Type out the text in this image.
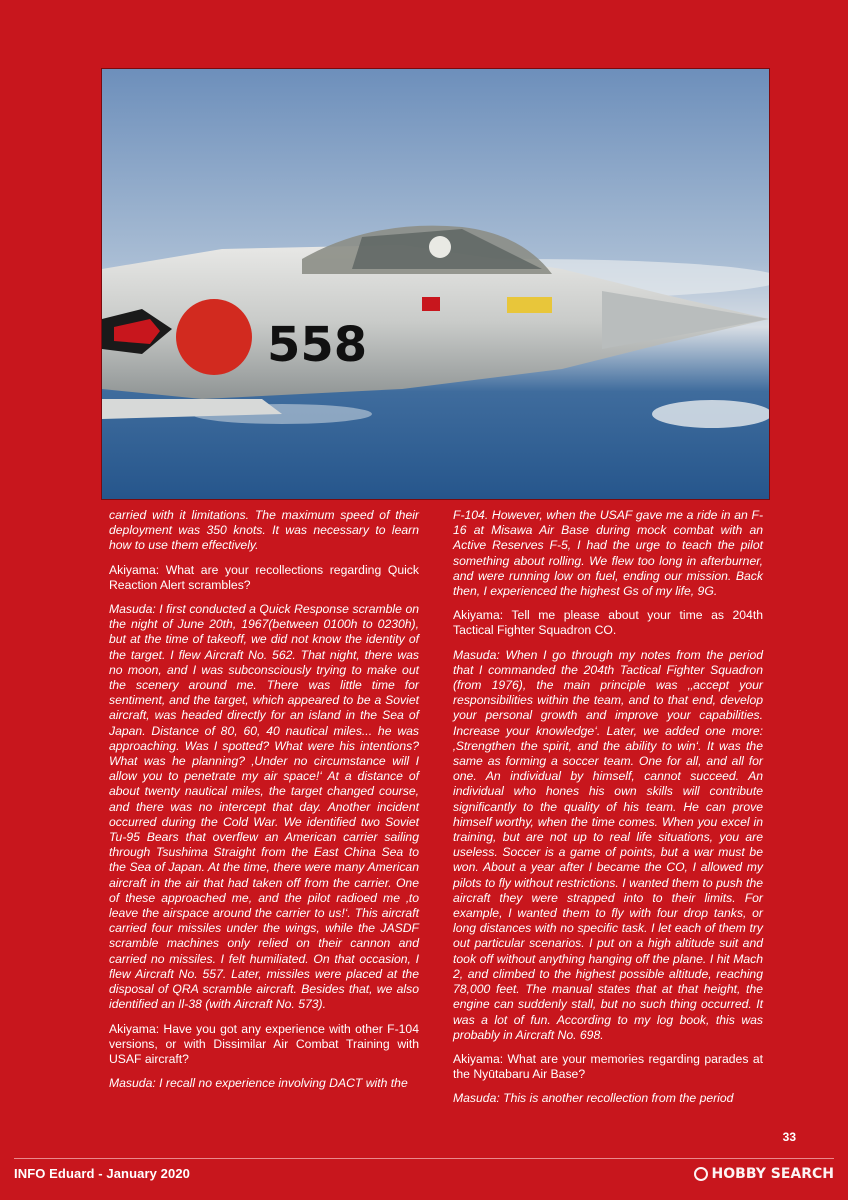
558

carried with it limitations. The maximum speed of their deployment was 350 knots. It was necessary to learn how to use them effectively.

Akiyama: What are your recollections regarding Quick Reaction Alert scrambles?

Masuda: I first conducted a Quick Response scramble on the night of June 20th, 1967(between 0100h to 0230h), but at the time of takeoff, we did not know the identity of the target. I flew Aircraft No. 562. That night, there was no moon, and I was subconsciously trying to make out the scenery around me. There was little time for sentiment, and the target, which appeared to be a Soviet aircraft, was headed directly for an island in the Sea of Japan. Distance of 80, 60, 40 nautical miles... he was approaching. Was I spotted? What were his intentions? What was he planning? ‚Under no circumstance will I allow you to penetrate my air space!‘ At a distance of about twenty nautical miles, the target changed course, and there was no intercept that day. Another incident occurred during the Cold War. We identified two Soviet Tu-95 Bears that overflew an American carrier sailing through Tsushima Straight from the East China Sea to the Sea of Japan. At the time, there were many American aircraft in the air that had taken off from the carrier. One of these approached me, and the pilot radioed me ‚to leave the airspace around the carrier to us!‘. This aircraft carried four missiles under the wings, while the JASDF scramble machines only relied on their cannon and carried no missiles. I felt humiliated. On that occasion, I flew Aircraft No. 557. Later, missiles were placed at the disposal of QRA scramble aircraft. Besides that, we also identified an Il-38 (with Aircraft No. 573).

Akiyama: Have you got any experience with other F-104 versions, or with Dissimilar Air Combat Training with USAF aircraft?

Masuda: I recall no experience involving DACT with the

F-104. However, when the USAF gave me a ride in an F-16 at Misawa Air Base during mock combat with an Active Reserves F-5, I had the urge to teach the pilot something about rolling. We flew too long in afterburner, and were running low on fuel, ending our mission. Back then, I experienced the highest Gs of my life, 9G.

Akiyama: Tell me please about your time as 204th Tactical Fighter Squadron CO.

Masuda: When I go through my notes from the period that I commanded the 204th Tactical Fighter Squadron (from 1976), the main principle was ‚‚accept your responsibilities within the team, and to that end, develop your personal growth and improve your capabilities. Increase your knowledge‘. Later, we added one more: ‚Strengthen the spirit, and the ability to win‘. It was the same as forming a soccer team. One for all, and all for one. An individual by himself, cannot succeed. An individual who hones his own skills will contribute significantly to the quality of his team. He can prove himself worthy, when the time comes. When you excel in training, but are not up to real life situations, you are useless. Soccer is a game of points, but a war must be won. About a year after I became the CO, I allowed my pilots to fly without restrictions. I wanted them to push the aircraft they were strapped into to their limits. For example, I wanted them to fly with four drop tanks, or long distances with no specific task. I let each of them try out particular scenarios. I put on a high altitude suit and took off without anything hanging off the plane. I hit Mach 2, and climbed to the highest possible altitude, reaching 78,000 feet. The manual states that at that height, the engine can suddenly stall, but no such thing occurred. It was a lot of fun. According to my log book, this was probably in Aircraft No. 698.

Akiyama: What are your memories regarding parades at the Nyūtabaru Air Base?

Masuda: This is another recollection from the period

33
INFO Eduard - January 2020	HOBBY SEARCH
